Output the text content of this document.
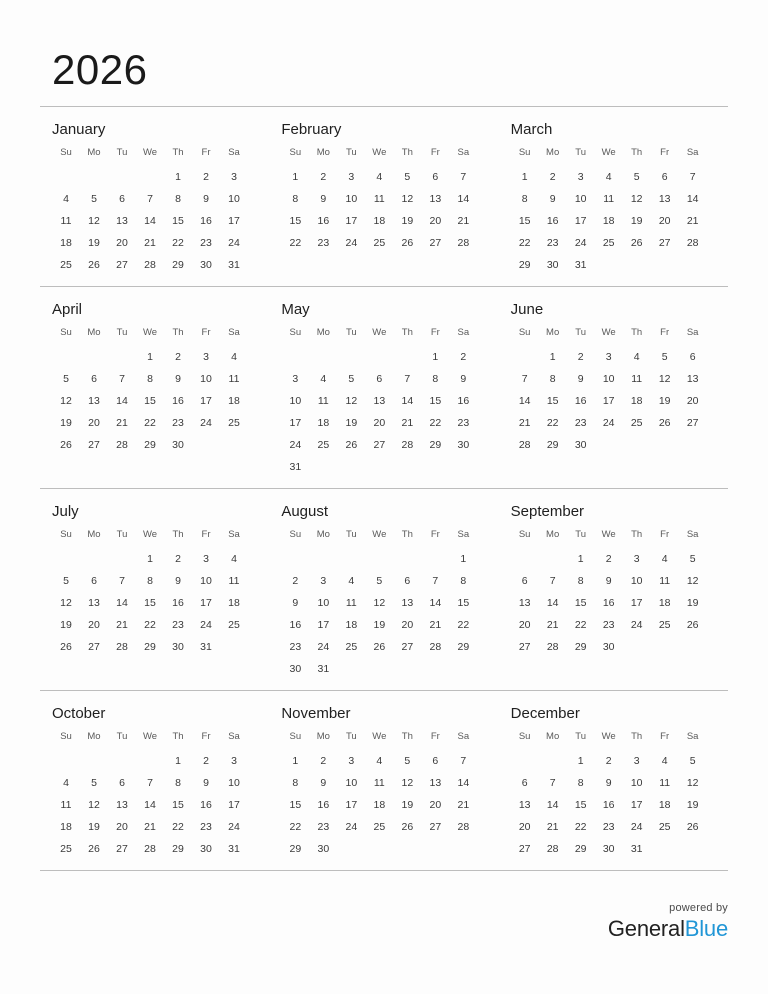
2026
January
Su	Mo	Tu	We	Th	Fr	Sa
				1	2	3
4	5	6	7	8	9	10
11	12	13	14	15	16	17
18	19	20	21	22	23	24
25	26	27	28	29	30	31
February
Su	Mo	Tu	We	Th	Fr	Sa
1	2	3	4	5	6	7
8	9	10	11	12	13	14
15	16	17	18	19	20	21
22	23	24	25	26	27	28
March
Su	Mo	Tu	We	Th	Fr	Sa
1	2	3	4	5	6	7
8	9	10	11	12	13	14
15	16	17	18	19	20	21
22	23	24	25	26	27	28
29	30	31				
April
Su	Mo	Tu	We	Th	Fr	Sa
			1	2	3	4
5	6	7	8	9	10	11
12	13	14	15	16	17	18
19	20	21	22	23	24	25
26	27	28	29	30		
May
Su	Mo	Tu	We	Th	Fr	Sa
					1	2
3	4	5	6	7	8	9
10	11	12	13	14	15	16
17	18	19	20	21	22	23
24	25	26	27	28	29	30
31						
June
Su	Mo	Tu	We	Th	Fr	Sa
	1	2	3	4	5	6
7	8	9	10	11	12	13
14	15	16	17	18	19	20
21	22	23	24	25	26	27
28	29	30				
July
Su	Mo	Tu	We	Th	Fr	Sa
			1	2	3	4
5	6	7	8	9	10	11
12	13	14	15	16	17	18
19	20	21	22	23	24	25
26	27	28	29	30	31	
August
Su	Mo	Tu	We	Th	Fr	Sa
						1
2	3	4	5	6	7	8
9	10	11	12	13	14	15
16	17	18	19	20	21	22
23	24	25	26	27	28	29
30	31					
September
Su	Mo	Tu	We	Th	Fr	Sa
		1	2	3	4	5
6	7	8	9	10	11	12
13	14	15	16	17	18	19
20	21	22	23	24	25	26
27	28	29	30			
October
Su	Mo	Tu	We	Th	Fr	Sa
				1	2	3
4	5	6	7	8	9	10
11	12	13	14	15	16	17
18	19	20	21	22	23	24
25	26	27	28	29	30	31
November
Su	Mo	Tu	We	Th	Fr	Sa
1	2	3	4	5	6	7
8	9	10	11	12	13	14
15	16	17	18	19	20	21
22	23	24	25	26	27	28
29	30					
December
Su	Mo	Tu	We	Th	Fr	Sa
		1	2	3	4	5
6	7	8	9	10	11	12
13	14	15	16	17	18	19
20	21	22	23	24	25	26
27	28	29	30	31		
powered by
GeneralBlue
